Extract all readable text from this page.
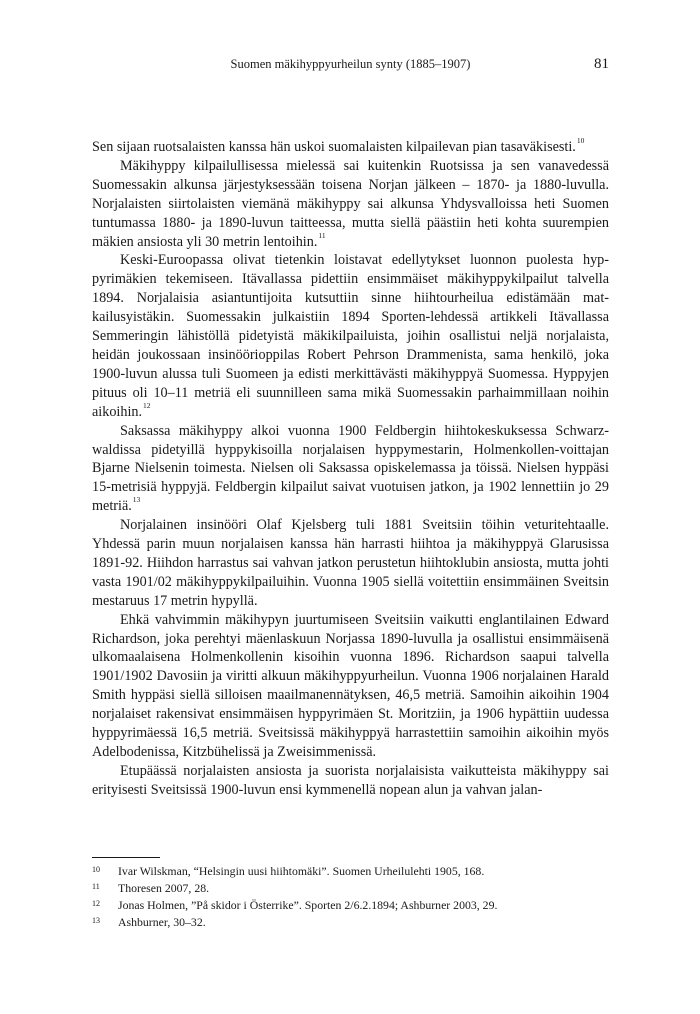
Suomen mäkihyppyurheilun synty (1885–1907)	81

Sen sijaan ruotsalaisten kanssa hän uskoi suomalaisten kilpailevan pian tasaväkisesti.$^{10}$

Mäkihyppy kilpailullisessa mielessä sai kuitenkin Ruotsissa ja sen vanavedessä Suomessakin alkunsa järjestyksessään toisena Norjan jälkeen – 1870- ja 1880-luvulla. Norjalaisten siirtolaisten viemänä mäkihyppy sai alkunsa Yhdysvalloissa heti Suomen tuntumassa 1880- ja 1890-luvun taitteessa, mutta siellä päästiin heti kohta suurempien mäkien ansiosta yli 30 metrin lentoihin.$^{11}$

Keski-Euroopassa olivat tietenkin loistavat edellytykset luonnon puolesta hyppyrimäkien tekemiseen. Itävallassa pidettiin ensimmäiset mäkihyppykilpailut talvella 1894. Norjalaisia asiantuntijoita kutsuttiin sinne hiihtourheilua edistämään matkailusyistäkin. Suomessakin julkaistiin 1894 Sporten-lehdessä artikkeli Itävallassa Semmeringin lähistöllä pidetyistä mäkikilpailuista, joihin osallistui neljä norjalaista, heidän joukossaan insinöörioppilas Robert Pehrson Drammenista, sama henkilö, joka 1900-luvun alussa tuli Suomeen ja edisti merkittävästi mäkihyppyä Suomessa. Hyppyjen pituus oli 10–11 metriä eli suunnilleen sama mikä Suomessakin parhaimmillaan noihin aikoihin.$^{12}$

Saksassa mäkihyppy alkoi vuonna 1900 Feldbergin hiihtokeskuksessa Schwarzwaldissa pidetyillä hyppykisoilla norjalaisen hyppymestarin, Holmenkollen-voittajan Bjarne Nielsenin toimesta. Nielsen oli Saksassa opiskelemassa ja töissä. Nielsen hyppäsi 15-metrisiä hyppyjä. Feldbergin kilpailut saivat vuotuisen jatkon, ja 1902 lennettiin jo 29 metriä.$^{13}$

Norjalainen insinööri Olaf Kjelsberg tuli 1881 Sveitsiin töihin veturitehtaalle. Yhdessä parin muun norjalaisen kanssa hän harrasti hiihtoa ja mäkihyppyä Glarusissa 1891-92. Hiihdon harrastus sai vahvan jatkon perustetun hiihtoklubin ansiosta, mutta johti vasta 1901/02 mäkihyppykilpailuihin. Vuonna 1905 siellä voitettiin ensimmäinen Sveitsin mestaruus 17 metrin hypyllä.

Ehkä vahvimmin mäkihypyn juurtumiseen Sveitsiin vaikutti englantilainen Edward Richardson, joka perehtyi mäenlaskuun Norjassa 1890-luvulla ja osallistui ensimmäisenä ulkomaalaisena Holmenkollenin kisoihin vuonna 1896. Richardson saapui talvella 1901/1902 Davosiin ja viritti alkuun mäkihyppyurheilun. Vuonna 1906 norjalainen Harald Smith hyppäsi siellä silloisen maailmanennätyksen, 46,5 metriä. Samoihin aikoihin 1904 norjalaiset rakensivat ensimmäisen hyppyrimäen St. Moritziin, ja 1906 hypättiin uudessa hyppyrimäessä 16,5 metriä. Sveitsissä mäkihyppyä harrastettiin samoihin aikoihin myös Adelbodenissa, Kitzbühelissä ja Zweisimmenissä.

Etupäässä norjalaisten ansiosta ja suorista norjalaisista vaikutteista mäkihyppy sai erityisesti Sveitsissä 1900-luvun ensi kymmenellä nopean alun ja vahvan jalan-

10 Ivar Wilskman, “Helsingin uusi hiihtomäki”. Suomen Urheilulehti 1905, 168.
11 Thoresen 2007, 28.
12 Jonas Holmen, ”På skidor i Österrike”. Sporten 2/6.2.1894; Ashburner 2003, 29.
13 Ashburner, 30–32.
